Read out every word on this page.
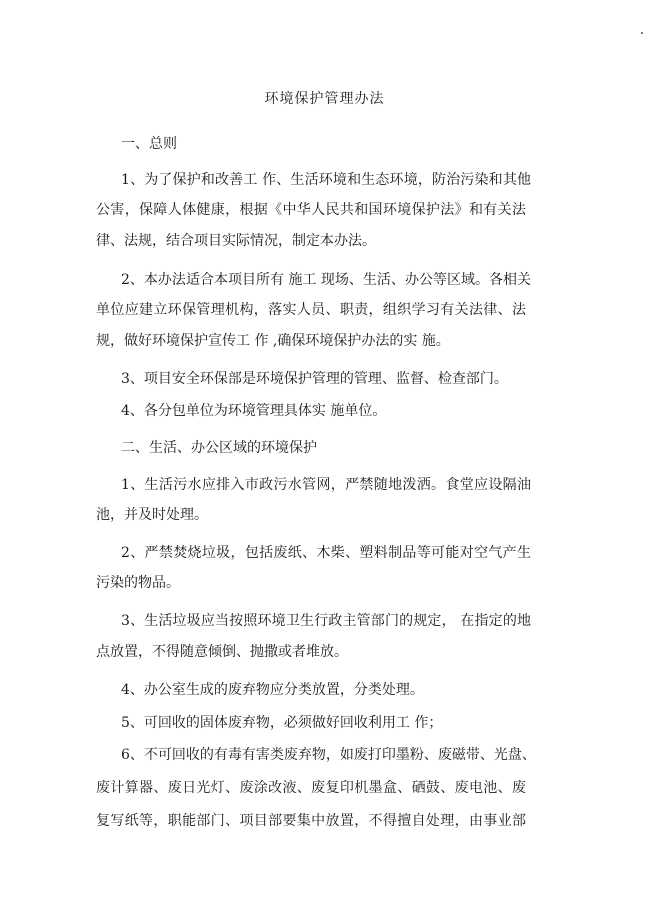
环境保护管理办法
一、总则
1、为了保护和改善工 作、生活环境和生态环境，防治污染和其他
公害，保障人体健康，根据《中华人民共和国环境保护法》和有关法
律、法规，结合项目实际情况，制定本办法。
2、本办法适合本项目所有 施工 现场、生活、办公等区域。各相关
单位应建立环保管理机构，落实人员、职责，组织学习有关法律、法
规，做好环境保护宣传工 作 ,确保环境保护办法的实 施。
3、项目安全环保部是环境保护管理的管理、监督、检查部门。
4、各分包单位为环境管理具体实 施单位。
二、生活、办公区域的环境保护
1、生活污水应排入市政污水管网，严禁随地泼洒。食堂应设隔油
池，并及时处理。
2、严禁焚烧垃圾，包括废纸、木柴、塑料制品等可能对空气产生
污染的物品。
3、生活垃圾应当按照环境卫生行政主管部门的规定， 在指定的地
点放置，不得随意倾倒、抛撒或者堆放。
4、办公室生成的废弃物应分类放置，分类处理。
5、可回收的固体废弃物，必须做好回收利用工 作；
6、不可回收的有毒有害类废弃物，如废打印墨粉、废磁带、光盘、
废计算器、废日光灯、废涂改液、废复印机墨盒、硒鼓、废电池、废
复写纸等，职能部门、项目部要集中放置，不得擅自处理，由事业部
